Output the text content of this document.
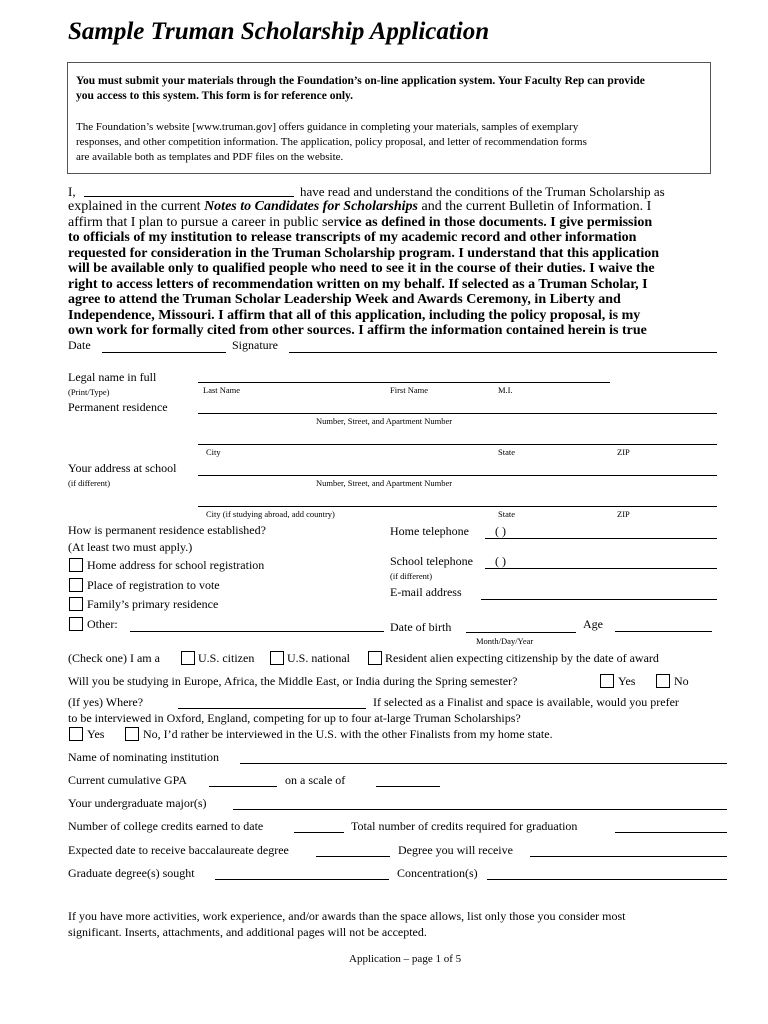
Sample Truman Scholarship Application
You must submit your materials through the Foundation’s on-line application system. Your Faculty Rep can provide
you access to this system. This form is for reference only.
The Foundation’s website [www.truman.gov] offers guidance in completing your materials, samples of exemplary
responses, and other competition information. The application, policy proposal, and letter of recommendation forms
are available both as templates and PDF files on the website.
I,	have read and understand the conditions of the Truman Scholarship as
explained in the current Notes to Candidates for Scholarships and the current Bulletin of Information. I
affirm that I plan to pursue a career in public service as defined in those documents. I give permission
to officials of my institution to release transcripts of my academic record and other information
requested for consideration in the Truman Scholarship program. I understand that this application
will be available only to qualified people who need to see it in the course of their duties. I waive the
right to access letters of recommendation written on my behalf. If selected as a Truman Scholar, I
agree to attend the Truman Scholar Leadership Week and Awards Ceremony, in Liberty and
Independence, Missouri. I affirm that all of this application, including the policy proposal, is my
own work for formally cited from other sources. I affirm the information contained herein is true
Date	Signature
Legal name in full
(Print/Type)	Last Name	First Name	M.I.
Permanent residence
Number, Street, and Apartment Number
City	State	ZIP
Your address at school
(if different)	Number, Street, and Apartment Number
City (if studying abroad, add country)	State	ZIP
How is permanent residence established?
(At least two must apply.)
Home address for school registration
Place of registration to vote
Family’s primary residence
Other:
Home telephone ( )
School telephone ( )
(if different)
E-mail address
Date of birth
Month/Day/Year
Age
(Check one) I am a	U.S. citizen	U.S. national	Resident alien expecting citizenship by the date of award
Will you be studying in Europe, Africa, the Middle East, or India during the Spring semester?	Yes	No
(If yes) Where?	If selected as a Finalist and space is available, would you prefer
to be interviewed in Oxford, England, competing for up to four at-large Truman Scholarships?
Yes	No, I’d rather be interviewed in the U.S. with the other Finalists from my home state.
Name of nominating institution
Current cumulative GPA	on a scale of
Your undergraduate major(s)
Number of college credits earned to date	Total number of credits required for graduation
Expected date to receive baccalaureate degree	Degree you will receive
Graduate degree(s) sought	Concentration(s)
If you have more activities, work experience, and/or awards than the space allows, list only those you consider most
significant. Inserts, attachments, and additional pages will not be accepted.
Application – page 1 of 5
